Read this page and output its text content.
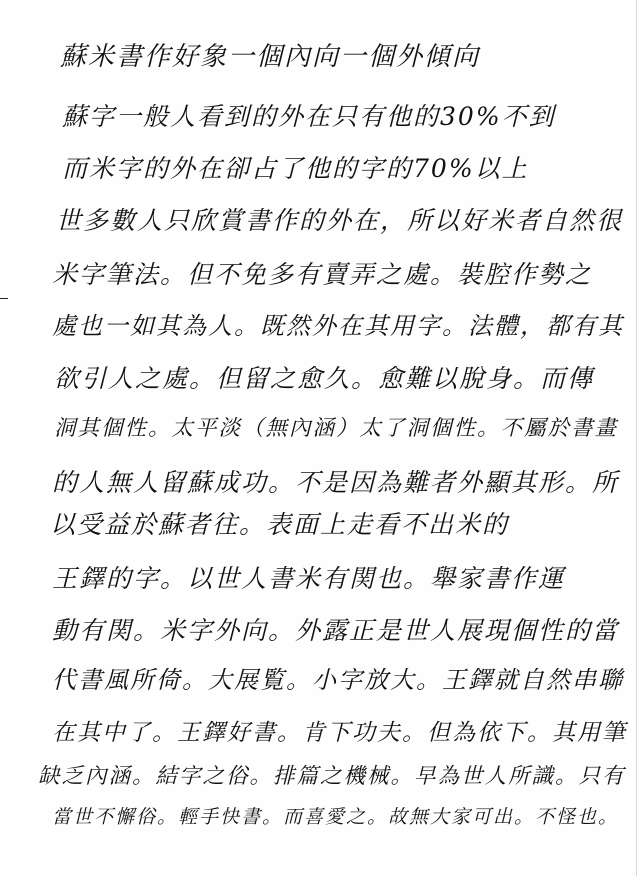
蘇米書作好象一個內向一個外傾向
蘇字一般人看到的外在只有他的30%不到
而米字的外在卻占了他的字的70%以上
世多數人只欣賞書作的外在，所以好米者自然很
米字筆法。但不免多有賣弄之處。裝腔作勢之
處也一如其為人。既然外在其用字。法體，都有其
欲引人之處。但留之愈久。愈難以脫身。而傳
洞其個性。太平淡（無內涵）太了洞個性。不屬於書畫
的人無人留蘇成功。不是因為難者外顯其形。所
以受益於蘇者往。表面上走看不出米的
王鐸的字。以世人書米有関也。舉家書作運
動有関。米字外向。外露正是世人展現個性的當
代書風所倚。大展覧。小字放大。王鐸就自然串聯
在其中了。王鐸好書。肯下功夫。但為依下。其用筆
缺乏內涵。結字之俗。排篇之機械。早為世人所識。只有
當世不懈俗。輕手快書。而喜愛之。故無大家可出。不怪也。
